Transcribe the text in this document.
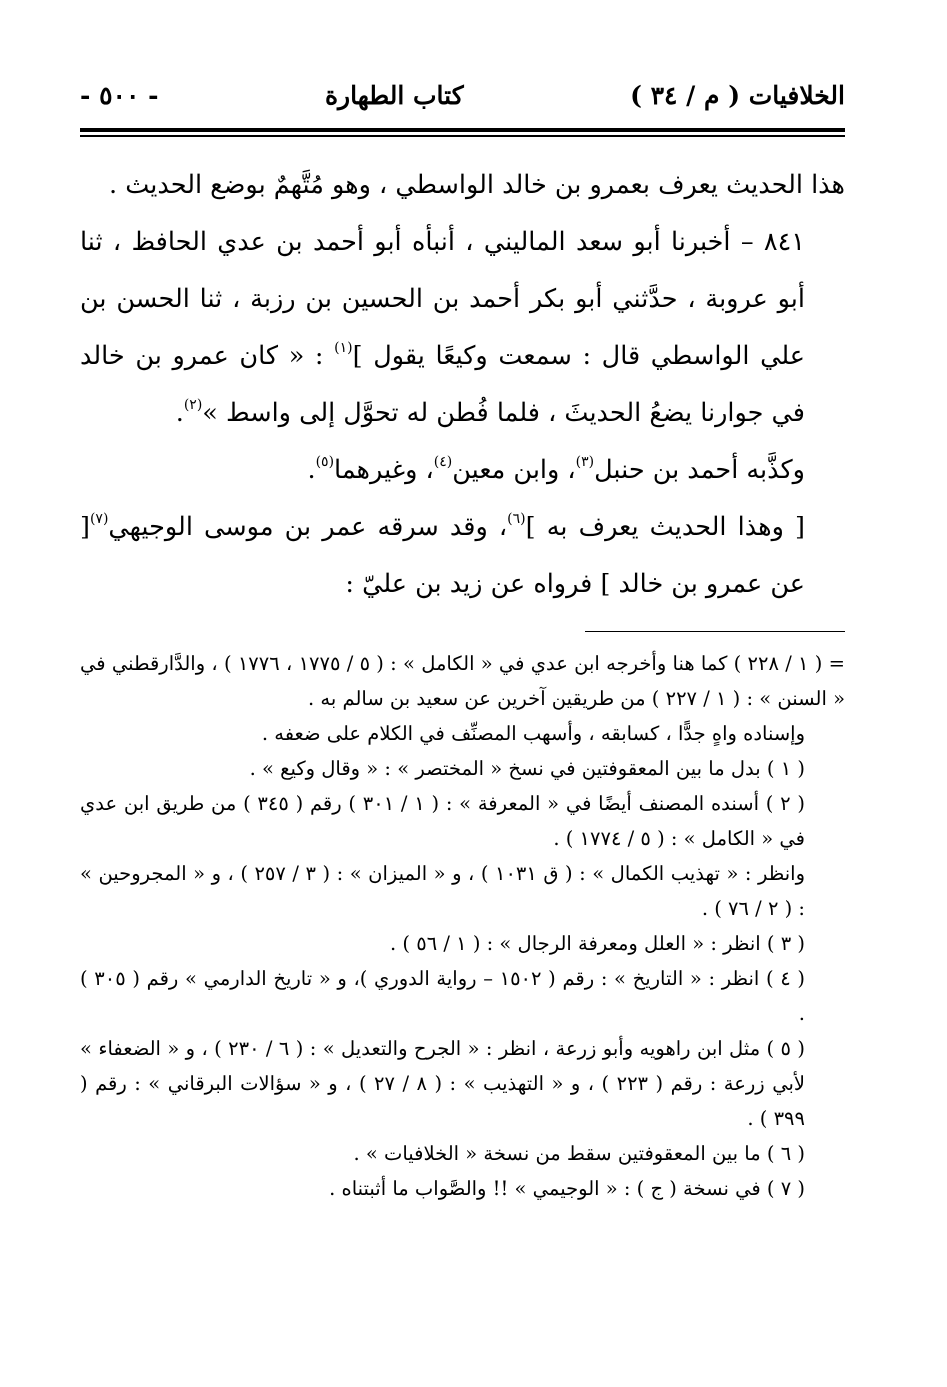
الخلافيات ( م / ٣٤ )
كتاب الطهارة
- ٥٠٠ -

هذا الحديث يعرف بعمرو بن خالد الواسطي ، وهو مُتَّهمٌ بوضع الحديث .

٨٤١ – أخبرنا أبو سعد الماليني ، أنبأه أبو أحمد بن عدي الحافظ ، ثنا أبو عروبة ، حدَّثني أبو بكر أحمد بن الحسين بن رزبة ، ثنا الحسن بن علي الواسطي قال : سمعت وكيعًا يقول ]$^{(١)}$ : « كان عمرو بن خالد في جوارنا يضعُ الحديثَ ، فلما فُطن له تحوَّل إلى واسط »$^{(٢)}$.

وكذَّبه أحمد بن حنبل$^{(٣)}$، وابن معين$^{(٤)}$، وغيرهما$^{(٥)}$.

[ وهذا الحديث يعرف به ]$^{(٦)}$، وقد سرقه عمر بن موسى الوجيهي$^{(٧)}$[ عن عمرو بن خالد ] فرواه عن زيد بن عليّ :

= ( ١ / ٢٢٨ ) كما هنا وأخرجه ابن عدي في « الكامل » : ( ٥ / ١٧٧٥ ، ١٧٧٦ ) ، والدَّارقطني في « السنن » : ( ١ / ٢٢٧ ) من طريقين آخرين عن سعيد بن سالم به .

وإسناده واهٍ جدًّا ، كسابقه ، وأسهب المصنِّف في الكلام على ضعفه .

( ١ ) بدل ما بين المعقوفتين في نسخ « المختصر » : « وقال وكيع » .

( ٢ ) أسنده المصنف أيضًا في « المعرفة » : ( ١ / ٣٠١ ) رقم ( ٣٤٥ ) من طريق ابن عدي في « الكامل » : ( ٥ / ١٧٧٤ ) .

وانظر : « تهذيب الكمال » : ( ق ١٠٣١ ) ، و « الميزان » : ( ٣ / ٢٥٧ ) ، و « المجروحين » : ( ٢ / ٧٦ ) .

( ٣ ) انظر : « العلل ومعرفة الرجال » : ( ١ / ٥٦ ) .

( ٤ ) انظر : « التاريخ » : رقم ( ١٥٠٢ – رواية الدوري )، و « تاريخ الدارمي » رقم ( ٣٠٥ ) .

( ٥ ) مثل ابن راهويه وأبو زرعة ، انظر : « الجرح والتعديل » : ( ٦ / ٢٣٠ ) ، و « الضعفاء » لأبي زرعة : رقم ( ٢٢٣ ) ، و « التهذيب » : ( ٨ / ٢٧ ) ، و « سؤالات البرقاني » : رقم ( ٣٩٩ ) .

( ٦ ) ما بين المعقوفتين سقط من نسخة « الخلافيات » .

( ٧ ) في نسخة ( ج ) : « الوجيمي » !! والصَّواب ما أثبتناه .
